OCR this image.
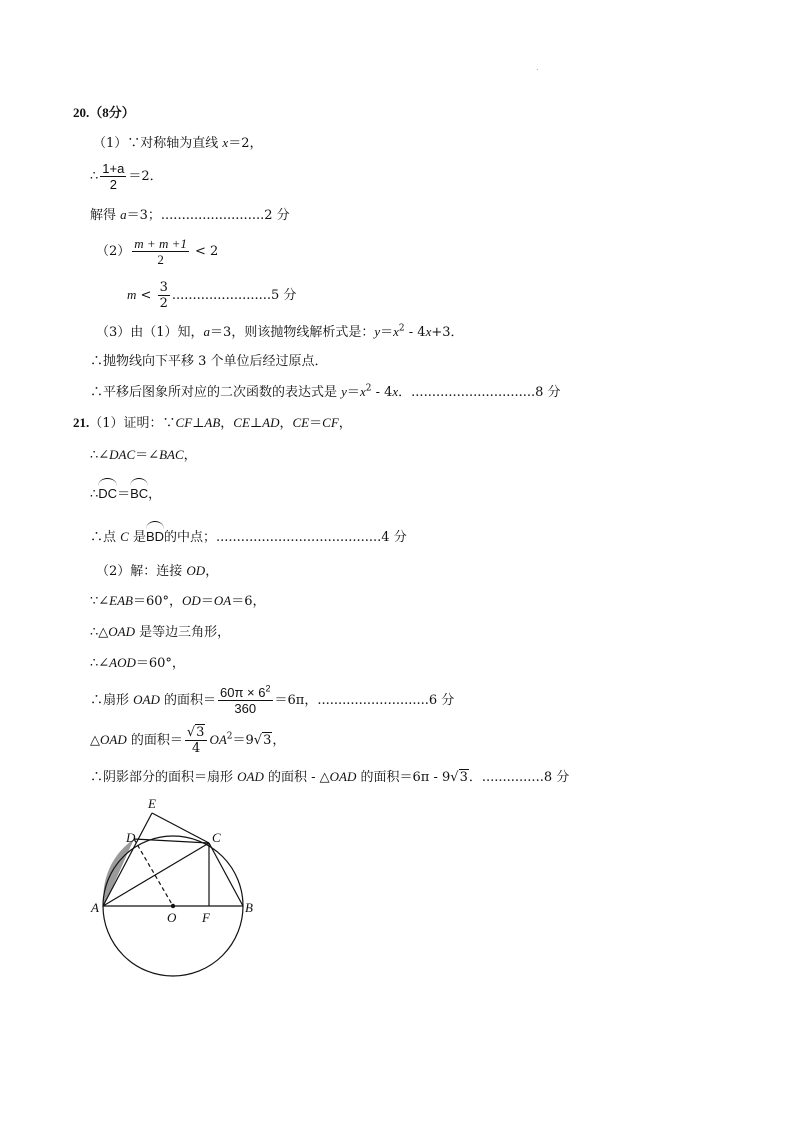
.
20.（8分）
（1）∵对称轴为直线 x＝2，
∴ $\frac{1+a}{2} =2$．
解得 a＝3；.........................2 分
$(2) \frac{m + m +1}{2} < 2$
$m < \frac{3}{2} ........................5$ 分
（3）由（1）知，a＝3，则该抛物线解析式是：$y=x^2 - 4x+3$．
∴抛物线向下平移 3 个单位后经过原点．
∴平移后图象所对应的二次函数的表达式是 $y=x^2 - 4x$．..............................8 分
21.（1）证明：∵CF⊥AB，CE⊥AD，CE＝CF，
∴∠DAC＝∠BAC，
∴DC＝BC，
∴点 C 是BD的中点；........................................4 分
（2）解：连接 OD，
∵∠EAB＝60°，OD＝OA＝6，
∴△OAD 是等边三角形，
∴∠AOD＝60°，
∴扇形 OAD 的面积＝ $\frac{60\pi \times 6^2}{360} =6\pi$，...........................6 分
△OAD 的面积＝ $\frac{√3}{4} OA^2=9√3$，
∴阴影部分的面积＝扇形 OAD 的面积 - △OAD 的面积＝6π - 9√3．...............8 分
E
D	C
A
O F
B
